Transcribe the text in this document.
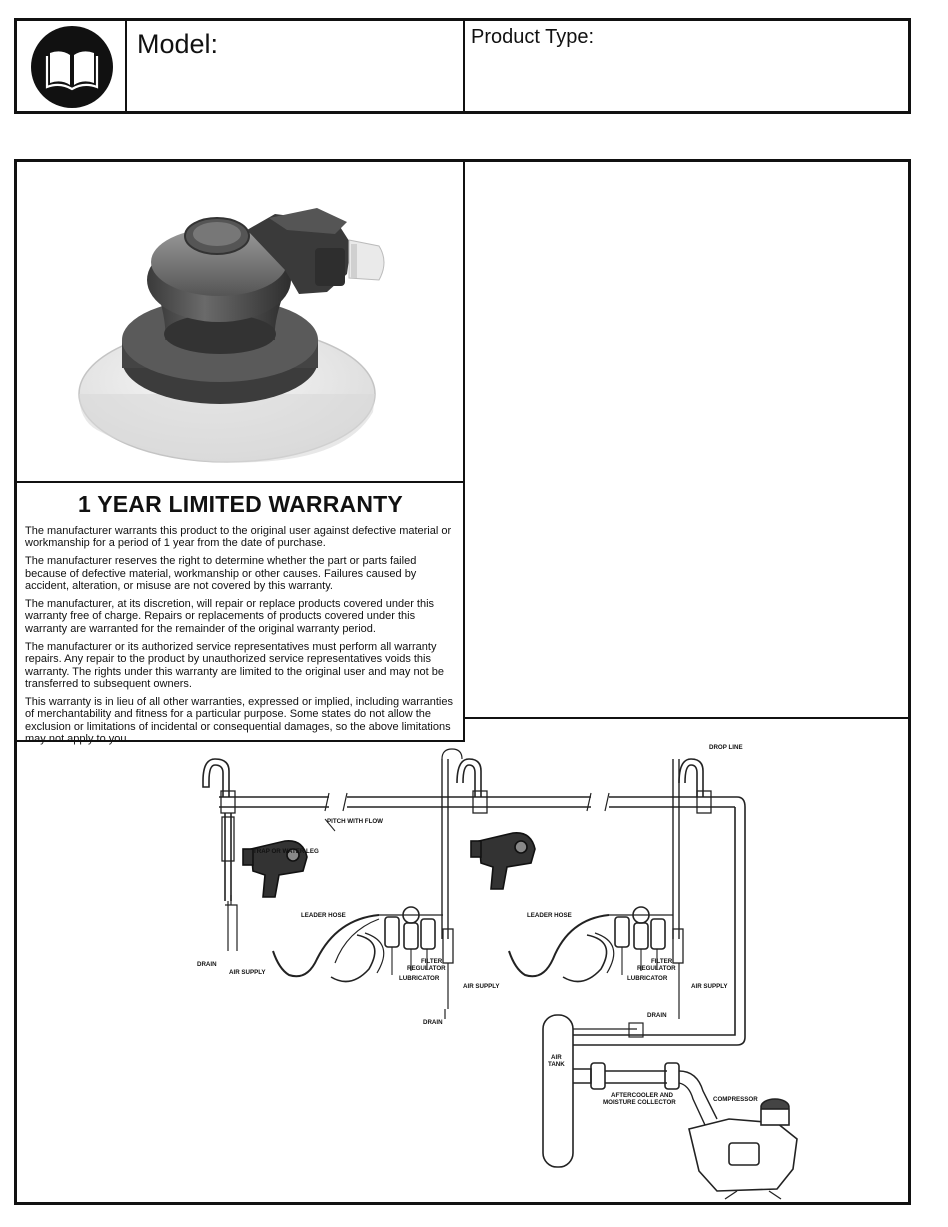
Model:	Product Type:
1 YEAR LIMITED WARRANTY

The manufacturer warrants this product to the original user against defective material or workmanship for a period of 1 year from the date of purchase.

The manufacturer reserves the right to determine whether the part or parts failed because of defective material, workmanship or other causes. Failures caused by accident, alteration, or misuse are not covered by this warranty.

The manufacturer, at its discretion, will repair or replace products covered under this warranty free of charge. Repairs or replacements of products covered under this warranty are warranted for the remainder of the original warranty period.

The manufacturer or its authorized service representatives must perform all warranty repairs. Any repair to the product by unauthorized service representatives voids this warranty. The rights under this warranty are limited to the original user and may not be transferred to subsequent owners.

This warranty is in lieu of all other warranties, expressed or implied, including warranties of merchantability and fitness for a particular purpose. Some states do not allow the exclusion or limitations of incidental or consequential damages, so the above limitations may not apply to you.

DROP LINE
PITCH WITH FLOW
TRAP OR WATER LEG
DRAIN
AIR SUPPLY
LEADER HOSE
FILTER
REGULATOR
LUBRICATOR
AIR SUPPLY
DRAIN
LEADER HOSE
FILTER
REGULATOR
LUBRICATOR
AIR SUPPLY
DRAIN
AIR
TANK
AFTERCOOLER AND
MOISTURE COLLECTOR	COMPRESSOR
